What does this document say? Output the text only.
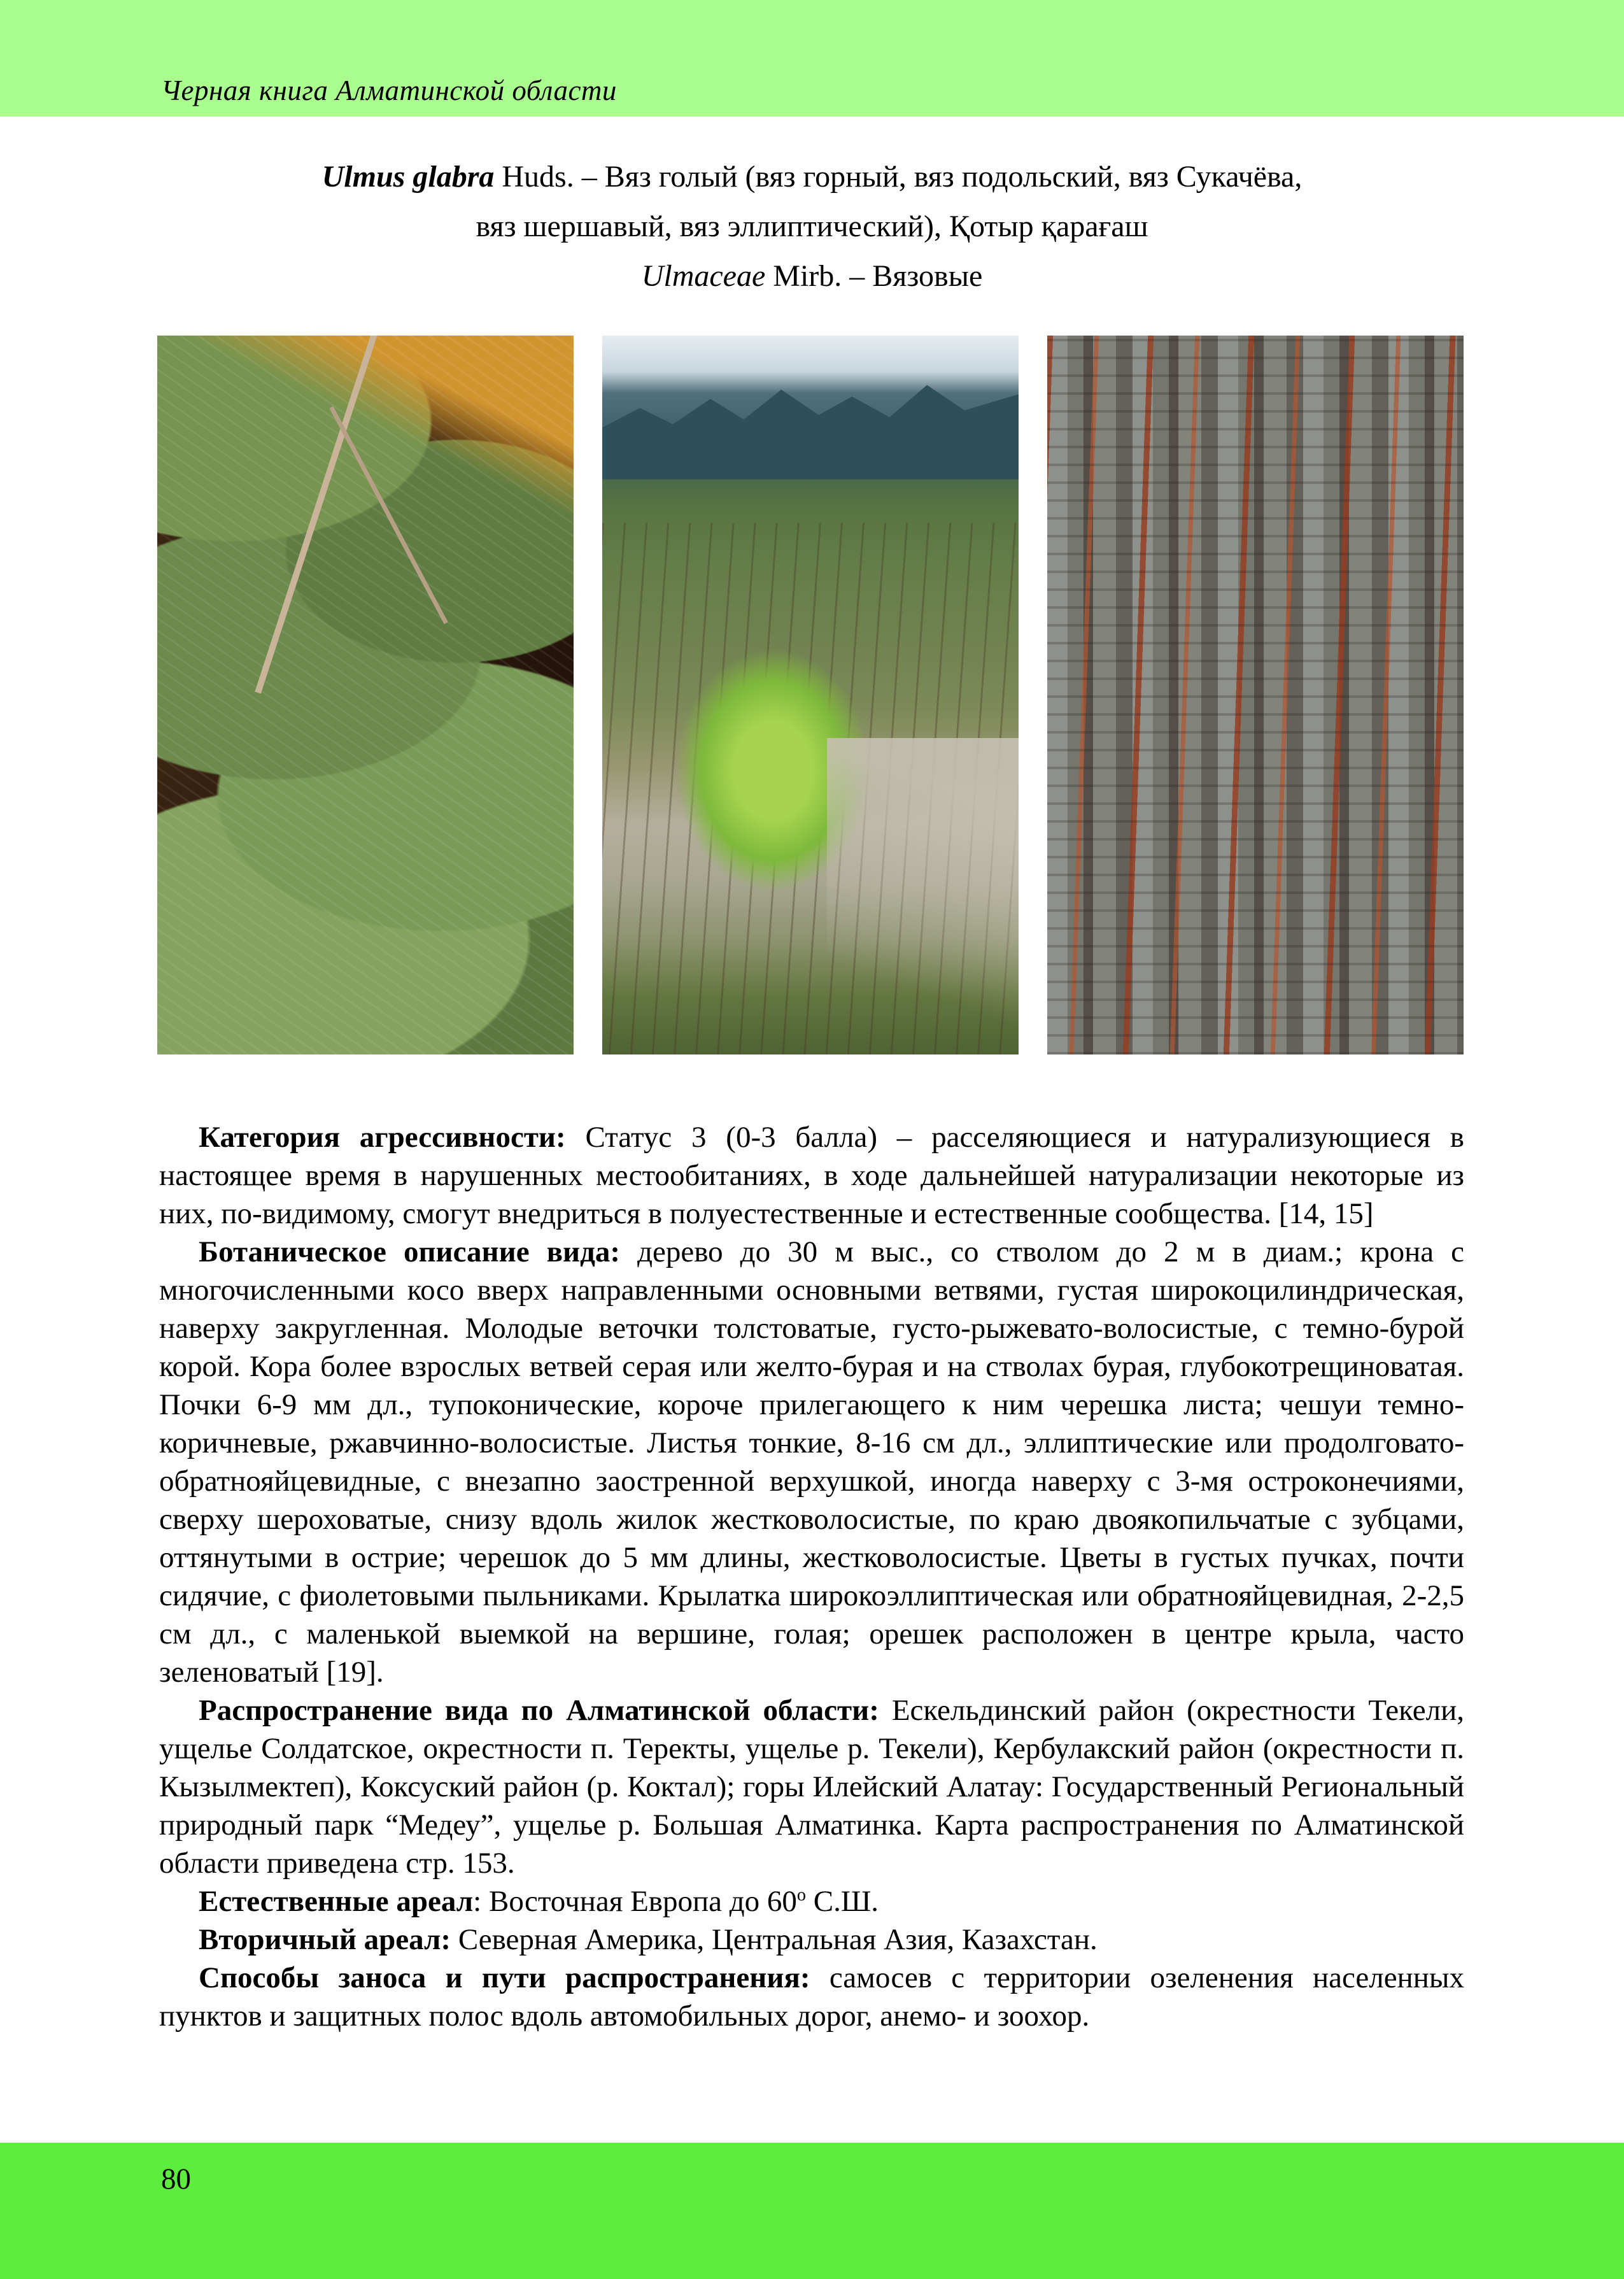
Черная книга Алматинской области
Ulmus glabra Huds. – Вяз голый (вяз горный, вяз подольский, вяз Сукачёва,
вяз шершавый, вяз эллиптический), Қотыр қарағаш
Ulmaceae Mirb. – Вязовые

Категория агрессивности: Статус 3 (0-3 балла) – расселяющиеся и натурализующиеся в настоящее время в нарушенных местообитаниях, в ходе дальнейшей натурализации некоторые из них, по-видимому, смогут внедриться в полуестественные и естественные сообщества. [14, 15]

Ботаническое описание вида: дерево до 30 м выс., со стволом до 2 м в диам.; крона с многочисленными косо вверх направленными основными ветвями, густая широкоцилиндрическая, наверху закругленная. Молодые веточки толстоватые, густо-рыжевато-волосистые, с темно-бурой корой. Кора более взрослых ветвей серая или желто-бурая и на стволах бурая, глубокотрещиноватая. Почки 6-9 мм дл., тупоконические, короче прилегающего к ним черешка листа; чешуи темно-коричневые, ржавчинно-волосистые. Листья тонкие, 8-16 см дл., эллиптические или продолговато-обратнояйцевидные, с внезапно заостренной верхушкой, иногда наверху с 3-мя остроконечиями, сверху шероховатые, снизу вдоль жилок жестковолосистые, по краю двоякопильчатые с зубцами, оттянутыми в острие; черешок до 5 мм длины, жестковолосистые. Цветы в густых пучках, почти сидячие, с фиолетовыми пыльниками. Крылатка широкоэллиптическая или обратнояйцевидная, 2-2,5 см дл., с маленькой выемкой на вершине, голая; орешек расположен в центре крыла, часто зеленоватый [19].

Распространение вида по Алматинской области: Ескельдинский район (окрестности Текели, ущелье Солдатское, окрестности п. Теректы, ущелье р. Текели), Кербулакский район (окрестности п. Кызылмектеп), Коксуский район (р. Коктал); горы Илейский Алатау: Государственный Региональный природный парк “Медеу”, ущелье р. Большая Алматинка. Карта распространения по Алматинской области приведена стр. 153.

Естественные ареал: Восточная Европа до $60^о$ С.Ш.

Вторичный ареал: Северная Америка, Центральная Азия, Казахстан.

Способы заноса и пути распространения: самосев с территории озеленения населенных пунктов и защитных полос вдоль автомобильных дорог, анемо- и зоохор.

80
